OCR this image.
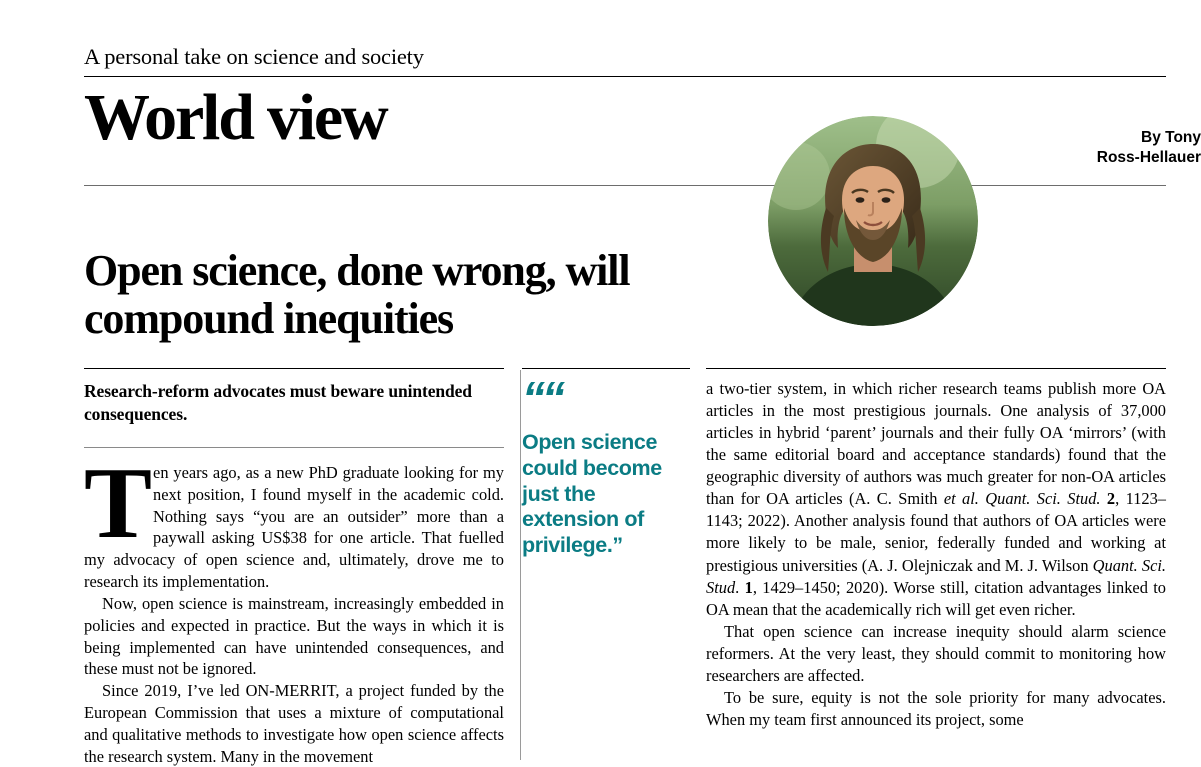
A personal take on science and society
World view	By Tony
Ross-Hellauer
Open science, done wrong, will compound inequities
Research-reform advocates must beware unintended consequences.

Ten years ago, as a new PhD graduate looking for my next position, I found myself in the academic cold. Nothing says “you are an outsider” more than a paywall asking US$38 for one article. That fuelled my advocacy of open science and, ultimately, drove me to research its implementation.

Now, open science is mainstream, increasingly embedded in policies and expected in practice. But the ways in which it is being implemented can have unintended consequences, and these must not be ignored.

Since 2019, I’ve led ON-MERRIT, a project funded by the European Commission that uses a mixture of computational and qualitative methods to investigate how open science affects the research system. Many in the movement

““
Open science could become just the extension of privilege.”

a two-tier system, in which richer research teams publish more OA articles in the most prestigious journals. One analysis of 37,000 articles in hybrid ‘parent’ journals and their fully OA ‘mirrors’ (with the same editorial board and acceptance standards) found that the geographic diversity of authors was much greater for non-OA articles than for OA articles (A. C. Smith et al. Quant. Sci. Stud. 2, 1123–1143; 2022). Another analysis found that authors of OA articles were more likely to be male, senior, federally funded and working at prestigious universities (A. J. Olejniczak and M. J. Wilson Quant. Sci. Stud. 1, 1429–1450; 2020). Worse still, citation advantages linked to OA mean that the academically rich will get even richer.

That open science can increase inequity should alarm science reformers. At the very least, they should commit to monitoring how researchers are affected.

To be sure, equity is not the sole priority for many advocates. When my team first announced its project, some
